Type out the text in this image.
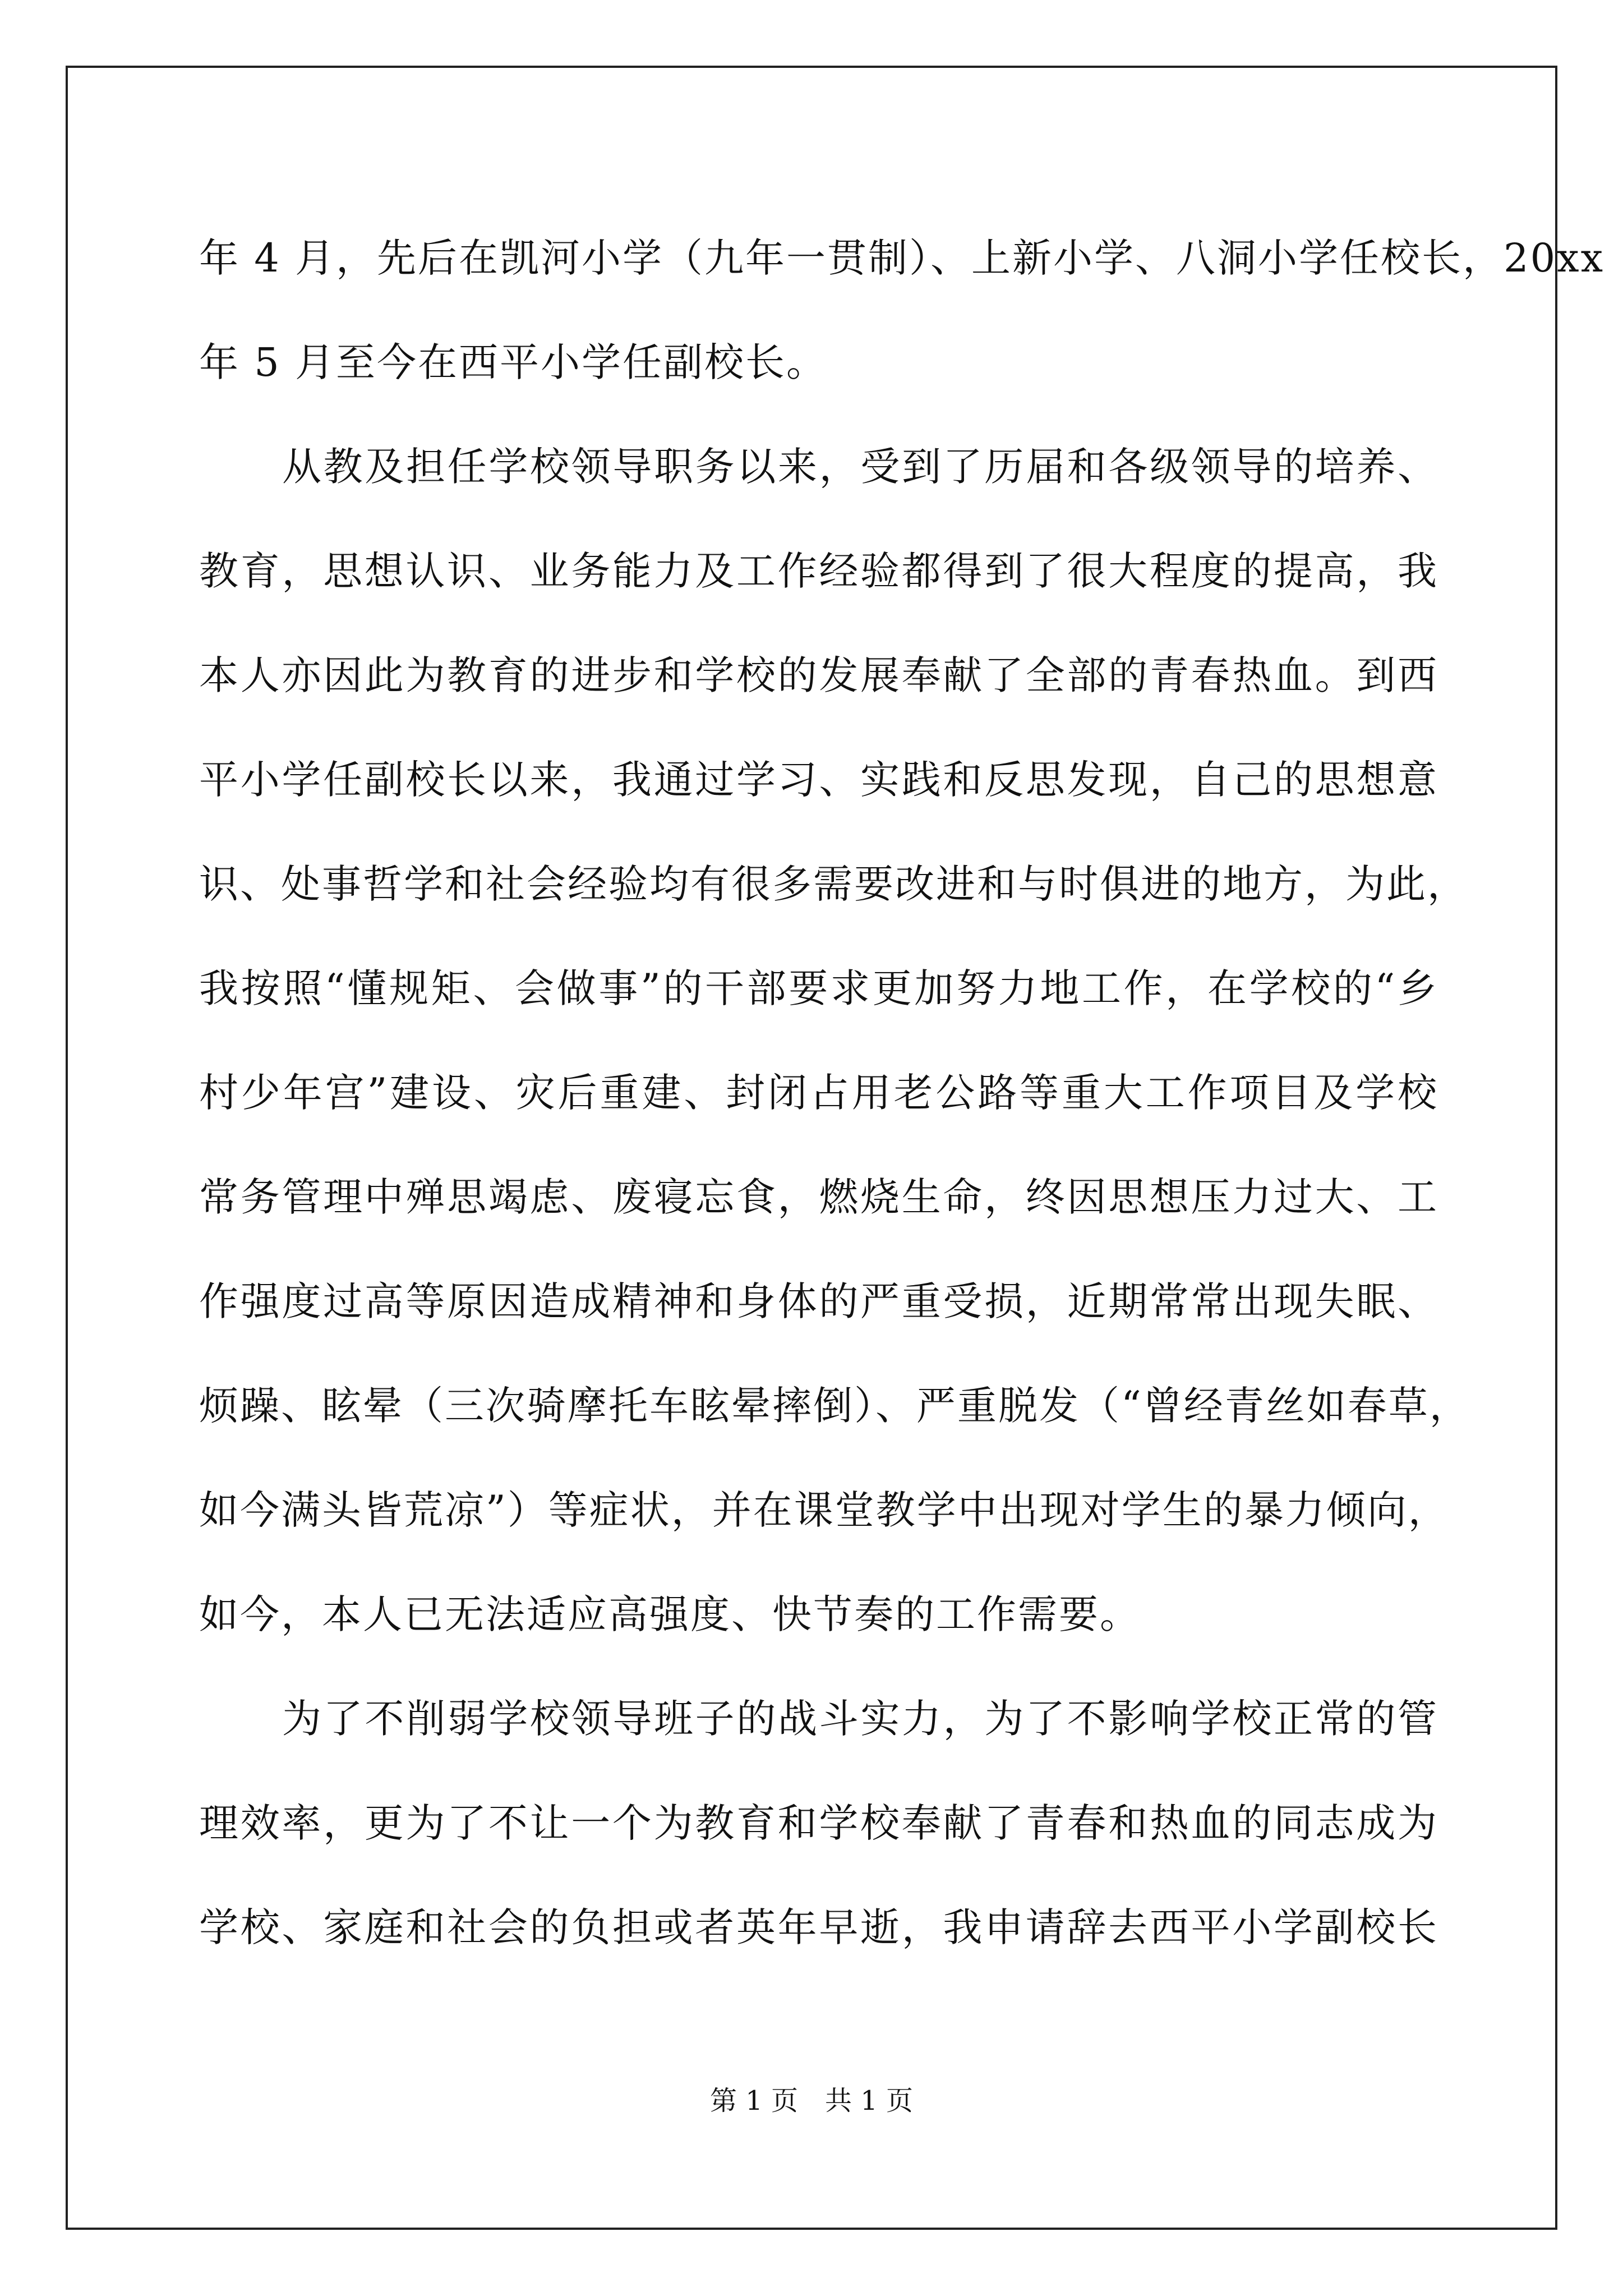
年 4 月，先后在凯河小学（九年一贯制）、上新小学、八洞小学任校长，20xx
年 5 月至今在西平小学任副校长。
从教及担任学校领导职务以来，受到了历届和各级领导的培养、
教育，思想认识、业务能力及工作经验都得到了很大程度的提高，我
本人亦因此为教育的进步和学校的发展奉献了全部的青春热血。到西
平小学任副校长以来，我通过学习、实践和反思发现，自己的思想意
识、处事哲学和社会经验均有很多需要改进和与时俱进的地方，为此，
我按照“懂规矩、会做事”的干部要求更加努力地工作，在学校的“乡
村少年宫”建设、灾后重建、封闭占用老公路等重大工作项目及学校
常务管理中殚思竭虑、废寝忘食，燃烧生命，终因思想压力过大、工
作强度过高等原因造成精神和身体的严重受损，近期常常出现失眠、
烦躁、眩晕（三次骑摩托车眩晕摔倒）、严重脱发（“曾经青丝如春草，
如今满头皆荒凉”）等症状，并在课堂教学中出现对学生的暴力倾向，
如今，本人已无法适应高强度、快节奏的工作需要。
为了不削弱学校领导班子的战斗实力，为了不影响学校正常的管
理效率，更为了不让一个为教育和学校奉献了青春和热血的同志成为
学校、家庭和社会的负担或者英年早逝，我申请辞去西平小学副校长
第 1 页　共 1 页
